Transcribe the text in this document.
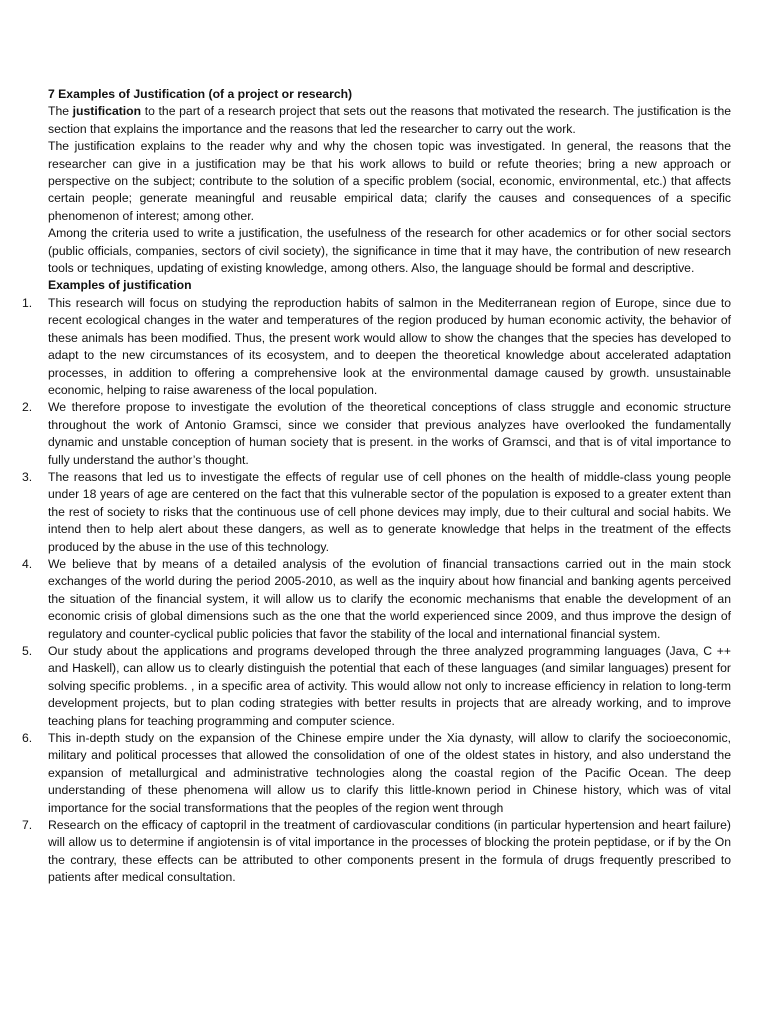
7 Examples of Justification (of a project or research)

The justification to the part of a research project that sets out the reasons that motivated the research. The justification is the section that explains the importance and the reasons that led the researcher to carry out the work.

The justification explains to the reader why and why the chosen topic was investigated. In general, the reasons that the researcher can give in a justification may be that his work allows to build or refute theories; bring a new approach or perspective on the subject; contribute to the solution of a specific problem (social, economic, environmental, etc.) that affects certain people; generate meaningful and reusable empirical data; clarify the causes and consequences of a specific phenomenon of interest; among other.

Among the criteria used to write a justification, the usefulness of the research for other academics or for other social sectors (public officials, companies, sectors of civil society), the significance in time that it may have, the contribution of new research tools or techniques, updating of existing knowledge, among others. Also, the language should be formal and descriptive.

Examples of justification

1.	This research will focus on studying the reproduction habits of salmon in the Mediterranean region of Europe, since due to recent ecological changes in the water and temperatures of the region produced by human economic activity, the behavior of these animals has been modified. Thus, the present work would allow to show the changes that the species has developed to adapt to the new circumstances of its ecosystem, and to deepen the theoretical knowledge about accelerated adaptation processes, in addition to offering a comprehensive look at the environmental damage caused by growth. unsustainable economic, helping to raise awareness of the local population.
2.	We therefore propose to investigate the evolution of the theoretical conceptions of class struggle and economic structure throughout the work of Antonio Gramsci, since we consider that previous analyzes have overlooked the fundamentally dynamic and unstable conception of human society that is present. in the works of Gramsci, and that is of vital importance to fully understand the author’s thought.
3.	The reasons that led us to investigate the effects of regular use of cell phones on the health of middle-class young people under 18 years of age are centered on the fact that this vulnerable sector of the population is exposed to a greater extent than the rest of society to risks that the continuous use of cell phone devices may imply, due to their cultural and social habits. We intend then to help alert about these dangers, as well as to generate knowledge that helps in the treatment of the effects produced by the abuse in the use of this technology.
4.	We believe that by means of a detailed analysis of the evolution of financial transactions carried out in the main stock exchanges of the world during the period 2005-2010, as well as the inquiry about how financial and banking agents perceived the situation of the financial system, it will allow us to clarify the economic mechanisms that enable the development of an economic crisis of global dimensions such as the one that the world experienced since 2009, and thus improve the design of regulatory and counter-cyclical public policies that favor the stability of the local and international financial system.
5.	Our study about the applications and programs developed through the three analyzed programming languages (Java, C ++ and Haskell), can allow us to clearly distinguish the potential that each of these languages (and similar languages) present for solving specific problems. , in a specific area of activity. This would allow not only to increase efficiency in relation to long-term development projects, but to plan coding strategies with better results in projects that are already working, and to improve teaching plans for teaching programming and computer science.
6.	This in-depth study on the expansion of the Chinese empire under the Xia dynasty, will allow to clarify the socioeconomic, military and political processes that allowed the consolidation of one of the oldest states in history, and also understand the expansion of metallurgical and administrative technologies along the coastal region of the Pacific Ocean. The deep understanding of these phenomena will allow us to clarify this little-known period in Chinese history, which was of vital importance for the social transformations that the peoples of the region went through
7.	Research on the efficacy of captopril in the treatment of cardiovascular conditions (in particular hypertension and heart failure) will allow us to determine if angiotensin is of vital importance in the processes of blocking the protein peptidase, or if by the On the contrary, these effects can be attributed to other components present in the formula of drugs frequently prescribed to patients after medical consultation.
